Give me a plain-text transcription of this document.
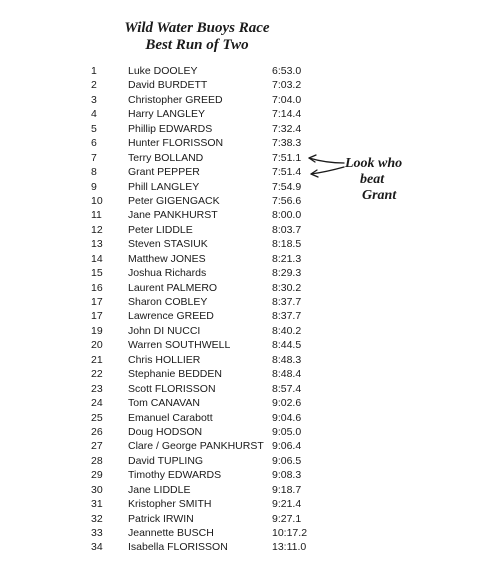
Wild Water Buoys Race
Best Run of Two
1	Luke DOOLEY	6:53.0
2	David BURDETT	7:03.2
3	Christopher GREED	7:04.0
4	Harry LANGLEY	7:14.4
5	Phillip EDWARDS	7:32.4
6	Hunter FLORISSON	7:38.3
7	Terry BOLLAND	7:51.1
8	Grant PEPPER	7:51.4
9	Phill LANGLEY	7:54.9
10 Peter GIGENGACK	7:56.6
11 Jane PANKHURST	8:00.0
12 Peter LIDDLE	8:03.7
13 Steven STASIUK	8:18.5
14 Matthew JONES	8:21.3
15 Joshua Richards	8:29.3
16 Laurent PALMERO	8:30.2
17 Sharon COBLEY	8:37.7
17 Lawrence GREED	8:37.7
19 John DI NUCCI	8:40.2
20 Warren SOUTHWELL	8:44.5
21 Chris HOLLIER	8:48.3
22 Stephanie BEDDEN	8:48.4
23 Scott FLORISSON	8:57.4
24 Tom CANAVAN	9:02.6
25 Emanuel Carabott	9:04.6
26 Doug HODSON	9:05.0
27 Clare / George PANKHURST 9:06.4
28 David TUPLING	9:06.5
29 Timothy EDWARDS	9:08.3
30 Jane LIDDLE	9:18.7
31 Kristopher SMITH	9:21.4
32 Patrick IRWIN	9:27.1
33 Jeannette BUSCH	10:17.2
34 Isabella FLORISSON	13:11.0
Look who
beat
Grant
